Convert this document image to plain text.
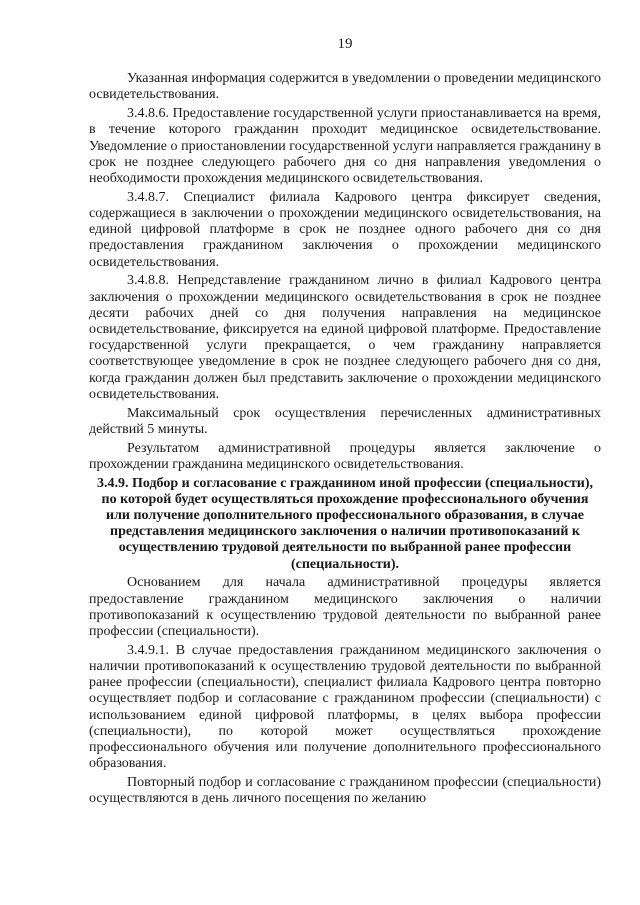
19

Указанная информация содержится в уведомлении о проведении медицинского освидетельствования.

3.4.8.6. Предоставление государственной услуги приостанавливается на время, в течение которого гражданин проходит медицинское освидетельствование. Уведомление о приостановлении государственной услуги направляется гражданину в срок не позднее следующего рабочего дня со дня направления уведомления о необходимости прохождения медицинского освидетельствования.

3.4.8.7. Специалист филиала Кадрового центра фиксирует сведения, содержащиеся в заключении о прохождении медицинского освидетельствования, на единой цифровой платформе в срок не позднее одного рабочего дня со дня предоставления гражданином заключения о прохождении медицинского освидетельствования.

3.4.8.8. Непредставление гражданином лично в филиал Кадрового центра заключения о прохождении медицинского освидетельствования в срок не позднее десяти рабочих дней со дня получения направления на медицинское освидетельствование, фиксируется на единой цифровой платформе. Предоставление государственной услуги прекращается, о чем гражданину направляется соответствующее уведомление в срок не позднее следующего рабочего дня со дня, когда гражданин должен был представить заключение о прохождении медицинского освидетельствования.

Максимальный срок осуществления перечисленных административных действий 5 минуты.

Результатом административной процедуры является заключение о прохождении гражданина медицинского освидетельствования.

3.4.9. Подбор и согласование с гражданином иной профессии (специальности), по которой будет осуществляться прохождение профессионального обучения или получение дополнительного профессионального образования, в случае представления медицинского заключения о наличии противопоказаний к осуществлению трудовой деятельности по выбранной ранее профессии (специальности).

Основанием для начала административной процедуры является предоставление гражданином медицинского заключения о наличии противопоказаний к осуществлению трудовой деятельности по выбранной ранее профессии (специальности).

3.4.9.1. В случае предоставления гражданином медицинского заключения о наличии противопоказаний к осуществлению трудовой деятельности по выбранной ранее профессии (специальности), специалист филиала Кадрового центра повторно осуществляет подбор и согласование с гражданином профессии (специальности) с использованием единой цифровой платформы, в целях выбора профессии (специальности), по которой может осуществляться прохождение профессионального обучения или получение дополнительного профессионального образования.

Повторный подбор и согласование с гражданином профессии (специальности) осуществляются в день личного посещения по желанию
